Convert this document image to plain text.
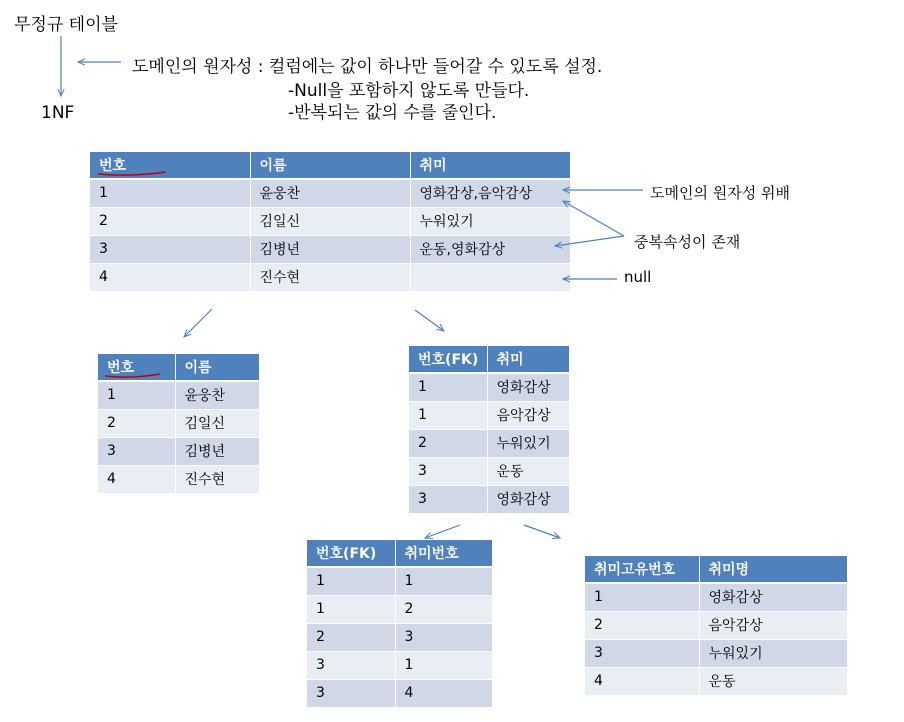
무정규 테이블
1NF
도메인의 원자성 : 컬럼에는 값이 하나만 들어갈 수 있도록 설정.
-Null을 포함하지 않도록 만들다.
-반복되는 값의 수를 줄인다.
도메인의 원자성 위배
중복속성이 존재
null
번호	이름	취미
1	윤웅찬	영화감상,음악감상
2	김일신	누워있기
3	김병년	운동,영화감상
4	진수현	
번호	이름
1	윤웅찬
2	김일신
3	김병년
4	진수현
번호(FK)	취미
1	영화감상
1	음악감상
2	누워있기
3	운동
3	영화감상
번호(FK)	취미번호
1	1
1	2
2	3
3	1
3	4
취미고유번호	취미명
1	영화감상
2	음악감상
3	누워있기
4	운동
